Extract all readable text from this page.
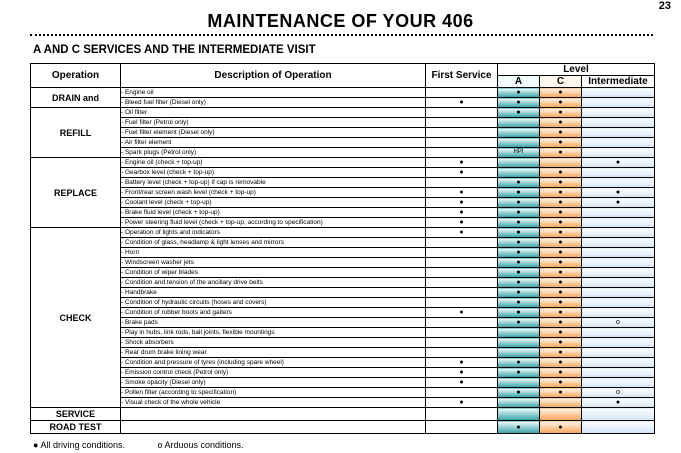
23
MAINTENANCE OF YOUR 406
A AND C SERVICES AND THE INTERMEDIATE VISIT
Operation	Description of Operation	First Service	Level		
			A	C	Intermediate
DRAIN and	- Engine oil		●	●	
	- Bleed fuel filter (Diesel only)	●	●	●	
REFILL	- Oil filter		●	●	
	- Fuel filter (Petrol only)			●	
	- Fuel filter element (Diesel only)			●	
	- Air filter element			●	
	- Spark plugs (Petrol only)		HPI	●	
REPLACE	- Engine oil (check + top-up)	●			●
	- Gearbox level (check + top-up)	●		●	
	- Battery level (check + top-up) if cap is removable		●	●	
	- Front/rear screen wash level (check + top-up)	●	●	●	●
	- Coolant level (check + top-up)	●	●	●	●
	- Brake fluid level (check + top-up)	●	●	●	
	- Power steering fluid level (check + top-up, according to specification)	●	●	●	
CHECK	- Operation of lights and indicators	●	●	●	
	- Condition of glass, headlamp & light lenses and mirrors		●	●	
	- Horn		●	●	
	- Windscreen washer jets		●	●	
	- Condition of wiper blades		●	●	
	- Condition and tension of the ancillary drive belts		●	●	
	- Handbrake		●	●	
	- Condition of hydraulic circuits (hoses and covers)		●	●	
	- Condition of rubber boots and gaiters	●	●	●	
	- Brake pads		●	●	o
	- Play in hubs, link rods, ball joints, flexible mountings			●	
	- Shock absorbers			●	
	- Rear drum brake lining wear			●	
	- Condition and pressure of tyres (including spare wheel)	●	●	●	
	- Emission control check (Petrol only)	●	●	●	
	- Smoke opacity (Diesel only)	●		●	
	- Pollen filter (according to specification)		●	●	o
	- Visual check of the whole vehicle	●			●
SERVICE					
ROAD TEST			●	●	
● All driving conditions.	o Arduous conditions.
